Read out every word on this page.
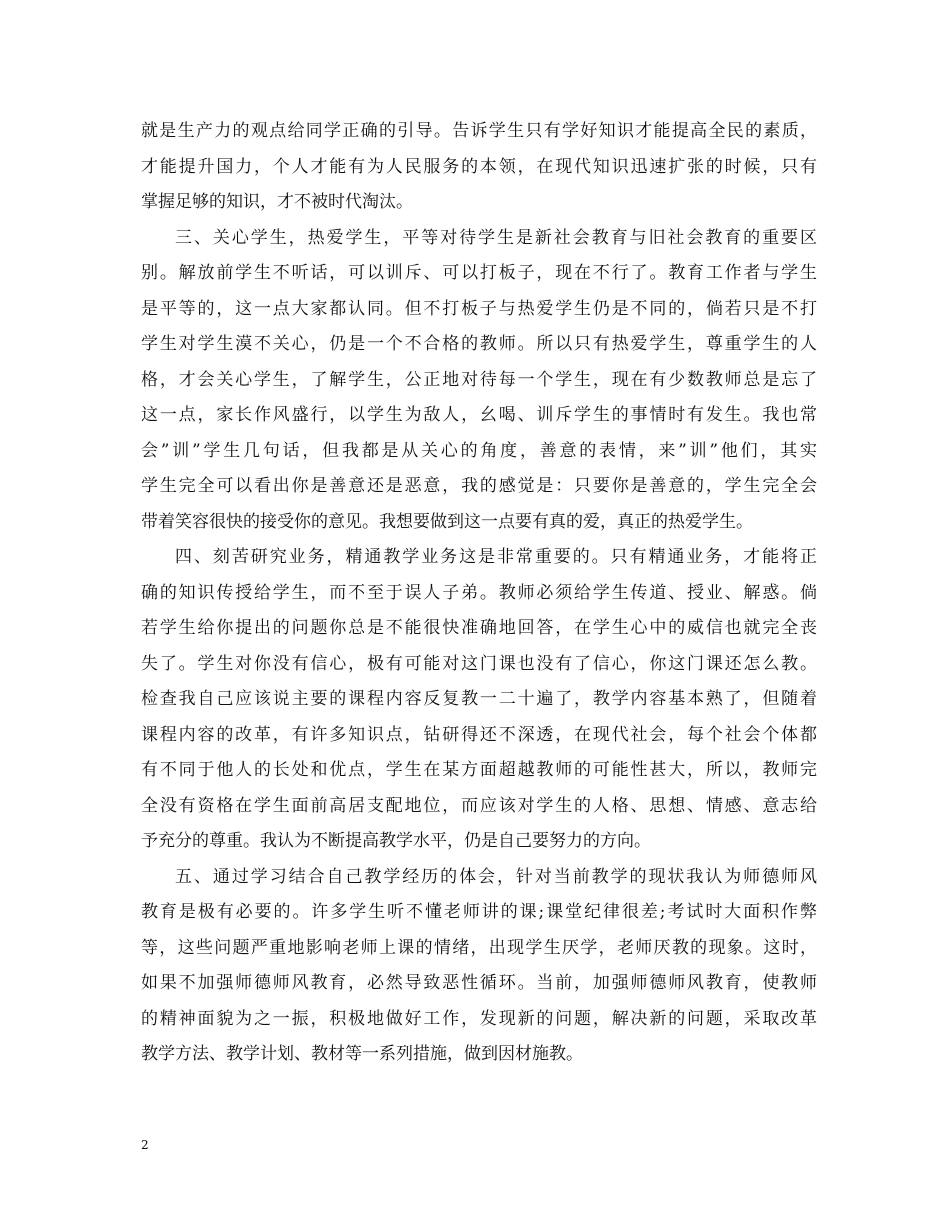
就是生产力的观点给同学正确的引导。告诉学生只有学好知识才能提高全民的素质，
才能提升国力，个人才能有为人民服务的本领，在现代知识迅速扩张的时候，只有
掌握足够的知识，才不被时代淘汰。
三、关心学生，热爱学生，平等对待学生是新社会教育与旧社会教育的重要区
别。解放前学生不听话，可以训斥、可以打板子，现在不行了。教育工作者与学生
是平等的，这一点大家都认同。但不打板子与热爱学生仍是不同的，倘若只是不打
学生对学生漠不关心，仍是一个不合格的教师。所以只有热爱学生，尊重学生的人
格，才会关心学生，了解学生，公正地对待每一个学生，现在有少数教师总是忘了
这一点，家长作风盛行，以学生为敌人，幺喝、训斥学生的事情时有发生。我也常
会”训”学生几句话，但我都是从关心的角度，善意的表情，来”训”他们，其实
学生完全可以看出你是善意还是恶意，我的感觉是：只要你是善意的，学生完全会
带着笑容很快的接受你的意见。我想要做到这一点要有真的爱，真正的热爱学生。
四、刻苦研究业务，精通教学业务这是非常重要的。只有精通业务，才能将正
确的知识传授给学生，而不至于误人子弟。教师必须给学生传道、授业、解惑。倘
若学生给你提出的问题你总是不能很快准确地回答，在学生心中的威信也就完全丧
失了。学生对你没有信心，极有可能对这门课也没有了信心，你这门课还怎么教。
检查我自己应该说主要的课程内容反复教一二十遍了，教学内容基本熟了，但随着
课程内容的改革，有许多知识点，钻研得还不深透，在现代社会，每个社会个体都
有不同于他人的长处和优点，学生在某方面超越教师的可能性甚大，所以，教师完
全没有资格在学生面前高居支配地位，而应该对学生的人格、思想、情感、意志给
予充分的尊重。我认为不断提高教学水平，仍是自己要努力的方向。
五、通过学习结合自己教学经历的体会，针对当前教学的现状我认为师德师风
教育是极有必要的。许多学生听不懂老师讲的课;课堂纪律很差;考试时大面积作弊
等，这些问题严重地影响老师上课的情绪，出现学生厌学，老师厌教的现象。这时，
如果不加强师德师风教育，必然导致恶性循环。当前，加强师德师风教育，使教师
的精神面貌为之一振，积极地做好工作，发现新的问题，解决新的问题，采取改革
教学方法、教学计划、教材等一系列措施，做到因材施教。
2
